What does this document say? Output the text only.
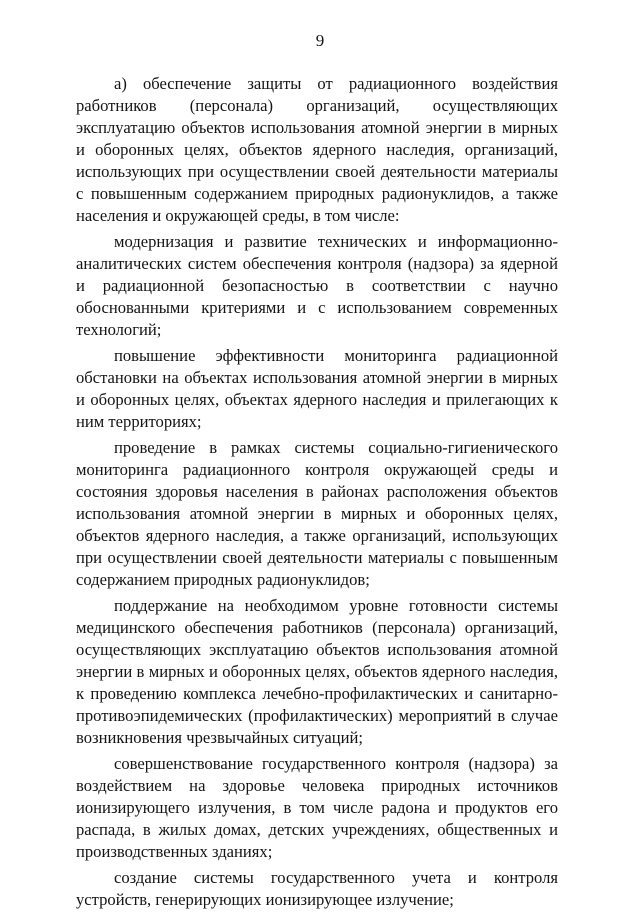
9

а) обеспечение защиты от радиационного воздействия работников (персонала) организаций, осуществляющих эксплуатацию объектов использования атомной энергии в мирных и оборонных целях, объектов ядерного наследия, организаций, использующих при осуществлении своей деятельности материалы с повышенным содержанием природных радионуклидов, а также населения и окружающей среды, в том числе:

модернизация и развитие технических и информационно-аналитических систем обеспечения контроля (надзора) за ядерной и радиационной безопасностью в соответствии с научно обоснованными критериями и с использованием современных технологий;

повышение эффективности мониторинга радиационной обстановки на объектах использования атомной энергии в мирных и оборонных целях, объектах ядерного наследия и прилегающих к ним территориях;

проведение в рамках системы социально-гигиенического мониторинга радиационного контроля окружающей среды и состояния здоровья населения в районах расположения объектов использования атомной энергии в мирных и оборонных целях, объектов ядерного наследия, а также организаций, использующих при осуществлении своей деятельности материалы с повышенным содержанием природных радионуклидов;

поддержание на необходимом уровне готовности системы медицинского обеспечения работников (персонала) организаций, осуществляющих эксплуатацию объектов использования атомной энергии в мирных и оборонных целях, объектов ядерного наследия, к проведению комплекса лечебно-профилактических и санитарно-противоэпидемических (профилактических) мероприятий в случае возникновения чрезвычайных ситуаций;

совершенствование государственного контроля (надзора) за воздействием на здоровье человека природных источников ионизирующего излучения, в том числе радона и продуктов его распада, в жилых домах, детских учреждениях, общественных и производственных зданиях;

создание системы государственного учета и контроля устройств, генерирующих ионизирующее излучение;
